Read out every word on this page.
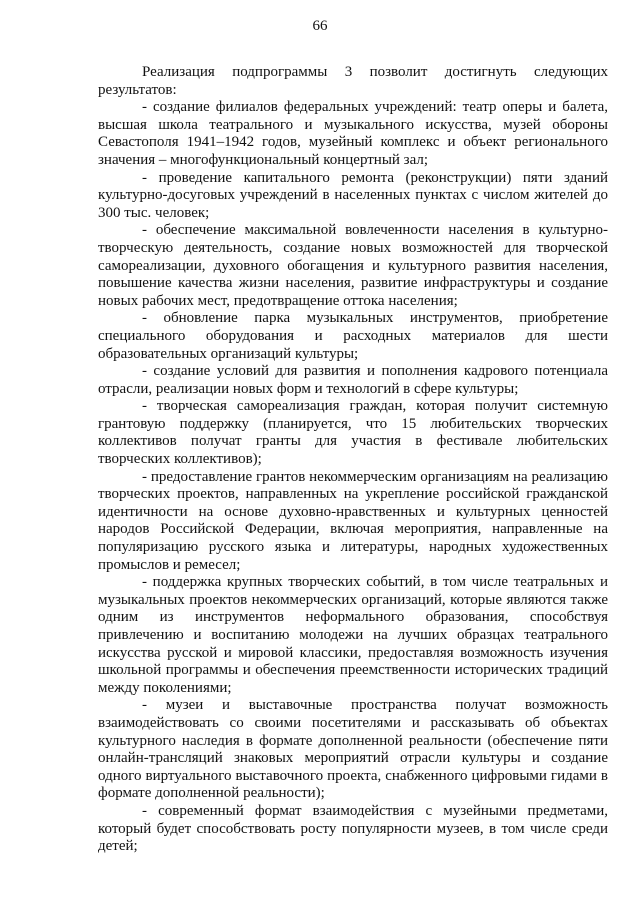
66

Реализация подпрограммы 3 позволит достигнуть следующих результатов:

- создание филиалов федеральных учреждений: театр оперы и балета, высшая школа театрального и музыкального искусства, музей обороны Севастополя 1941–1942 годов, музейный комплекс и объект регионального значения – многофункциональный концертный зал;

- проведение капитального ремонта (реконструкции) пяти зданий культурно-досуговых учреждений в населенных пунктах с числом жителей до 300 тыс. человек;

- обеспечение максимальной вовлеченности населения в культурно-творческую деятельность, создание новых возможностей для творческой самореализации, духовного обогащения и культурного развития населения, повышение качества жизни населения, развитие инфраструктуры и создание новых рабочих мест, предотвращение оттока населения;

- обновление парка музыкальных инструментов, приобретение специального оборудования и расходных материалов для шести образовательных организаций культуры;

- создание условий для развития и пополнения кадрового потенциала отрасли, реализации новых форм и технологий в сфере культуры;

- творческая самореализация граждан, которая получит системную грантовую поддержку (планируется, что 15 любительских творческих коллективов получат гранты для участия в фестивале любительских творческих коллективов);

- предоставление грантов некоммерческим организациям на реализацию творческих проектов, направленных на укрепление российской гражданской идентичности на основе духовно-нравственных и культурных ценностей народов Российской Федерации, включая мероприятия, направленные на популяризацию русского языка и литературы, народных художественных промыслов и ремесел;

- поддержка крупных творческих событий, в том числе театральных и музыкальных проектов некоммерческих организаций, которые являются также одним из инструментов неформального образования, способствуя привлечению и воспитанию молодежи на лучших образцах театрального искусства русской и мировой классики, предоставляя возможность изучения школьной программы и обеспечения преемственности исторических традиций между поколениями;

- музеи и выставочные пространства получат возможность взаимодействовать со своими посетителями и рассказывать об объектах культурного наследия в формате дополненной реальности (обеспечение пяти онлайн-трансляций знаковых мероприятий отрасли культуры и создание одного виртуального выставочного проекта, снабженного цифровыми гидами в формате дополненной реальности);

- современный формат взаимодействия с музейными предметами, который будет способствовать росту популярности музеев, в том числе среди детей;
